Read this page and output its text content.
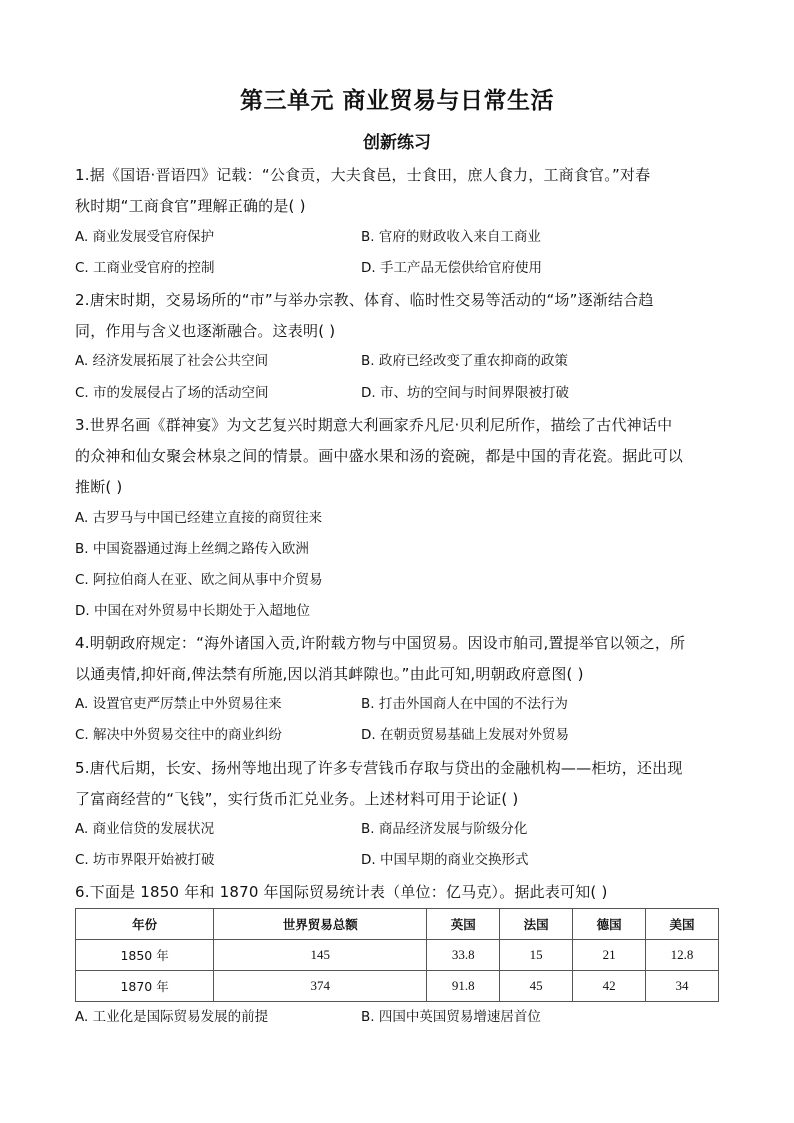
第三单元 商业贸易与日常生活
创新练习
1.据《国语·晋语四》记载：“公食贡，大夫食邑，士食田，庶人食力，工商食官。”对春
秋时期“工商食官”理解正确的是( )
A. 商业发展受官府保护	B. 官府的财政收入来自工商业
C. 工商业受官府的控制	D. 手工产品无偿供给官府使用
2.唐宋时期，交易场所的“市”与举办宗教、体育、临时性交易等活动的“场”逐渐结合趋
同，作用与含义也逐渐融合。这表明( )
A. 经济发展拓展了社会公共空间	B. 政府已经改变了重农抑商的政策
C. 市的发展侵占了场的活动空间	D. 市、坊的空间与时间界限被打破
3.世界名画《群神宴》为文艺复兴时期意大利画家乔凡尼·贝利尼所作，描绘了古代神话中
的众神和仙女聚会林泉之间的情景。画中盛水果和汤的瓷碗，都是中国的青花瓷。据此可以
推断( )
A. 古罗马与中国已经建立直接的商贸往来
B. 中国瓷器通过海上丝绸之路传入欧洲
C. 阿拉伯商人在亚、欧之间从事中介贸易
D. 中国在对外贸易中长期处于入超地位
4.明朝政府规定：“海外诸国入贡,许附载方物与中国贸易。因设市舶司,置提举官以领之，所
以通夷情,抑奸商,俾法禁有所施,因以消其衅隙也。”由此可知,明朝政府意图( )
A. 设置官吏严厉禁止中外贸易往来	B. 打击外国商人在中国的不法行为
C. 解决中外贸易交往中的商业纠纷	D. 在朝贡贸易基础上发展对外贸易
5.唐代后期，长安、扬州等地出现了许多专营钱币存取与贷出的金融机构——柜坊，还出现
了富商经营的“飞钱”，实行货币汇兑业务。上述材料可用于论证( )
A. 商业信贷的发展状况	B. 商品经济发展与阶级分化
C. 坊市界限开始被打破	D. 中国早期的商业交换形式
6.下面是 1850 年和 1870 年国际贸易统计表（单位：亿马克）。据此表可知( )
年份	世界贸易总额	英国	法国	德国	美国
1850 年	145	33.8	15	21	12.8
1870 年	374	91.8	45	42	34
A. 工业化是国际贸易发展的前提	B. 四国中英国贸易增速居首位
